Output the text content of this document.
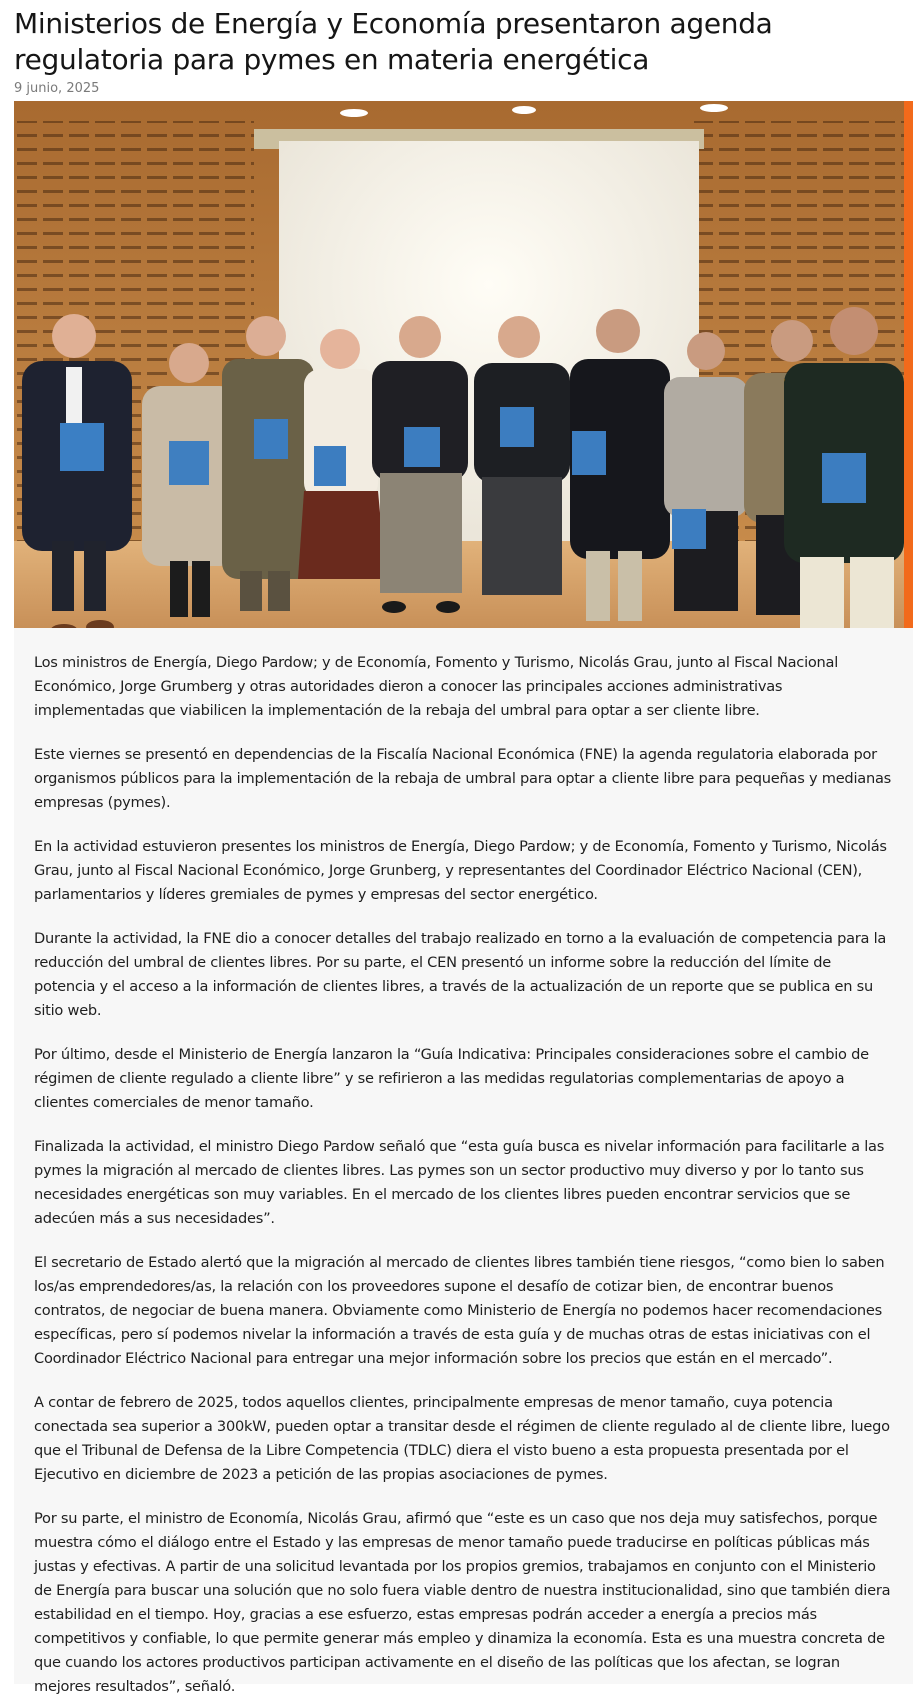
Ministerios de Energía y Economía presentaron agenda regulatoria para pymes en materia energética
9 junio, 2025

Los ministros de Energía, Diego Pardow; y de Economía, Fomento y Turismo, Nicolás Grau, junto al Fiscal Nacional Económico, Jorge Grumberg y otras autoridades dieron a conocer las principales acciones administrativas implementadas que viabilicen la implementación de la rebaja del umbral para optar a ser cliente libre.

Este viernes se presentó en dependencias de la Fiscalía Nacional Económica (FNE) la agenda regulatoria elaborada por organismos públicos para la implementación de la rebaja de umbral para optar a cliente libre para pequeñas y medianas empresas (pymes).

En la actividad estuvieron presentes los ministros de Energía, Diego Pardow; y de Economía, Fomento y Turismo, Nicolás Grau, junto al Fiscal Nacional Económico, Jorge Grunberg, y representantes del Coordinador Eléctrico Nacional (CEN), parlamentarios y líderes gremiales de pymes y empresas del sector energético.

Durante la actividad, la FNE dio a conocer detalles del trabajo realizado en torno a la evaluación de competencia para la reducción del umbral de clientes libres. Por su parte, el CEN presentó un informe sobre la reducción del límite de potencia y el acceso a la información de clientes libres, a través de la actualización de un reporte que se publica en su sitio web.

Por último, desde el Ministerio de Energía lanzaron la “Guía Indicativa: Principales consideraciones sobre el cambio de régimen de cliente regulado a cliente libre” y se refirieron a las medidas regulatorias complementarias de apoyo a clientes comerciales de menor tamaño.

Finalizada la actividad, el ministro Diego Pardow señaló que “esta guía busca es nivelar información para facilitarle a las pymes la migración al mercado de clientes libres. Las pymes son un sector productivo muy diverso y por lo tanto sus necesidades energéticas son muy variables. En el mercado de los clientes libres pueden encontrar servicios que se adecúen más a sus necesidades”.

El secretario de Estado alertó que la migración al mercado de clientes libres también tiene riesgos, “como bien lo saben los/as emprendedores/as, la relación con los proveedores supone el desafío de cotizar bien, de encontrar buenos contratos, de negociar de buena manera. Obviamente como Ministerio de Energía no podemos hacer recomendaciones específicas, pero sí podemos nivelar la información a través de esta guía y de muchas otras de estas iniciativas con el Coordinador Eléctrico Nacional para entregar una mejor información sobre los precios que están en el mercado”.

A contar de febrero de 2025, todos aquellos clientes, principalmente empresas de menor tamaño, cuya potencia conectada sea superior a 300kW, pueden optar a transitar desde el régimen de cliente regulado al de cliente libre, luego que el Tribunal de Defensa de la Libre Competencia (TDLC) diera el visto bueno a esta propuesta presentada por el Ejecutivo en diciembre de 2023 a petición de las propias asociaciones de pymes.

Por su parte, el ministro de Economía, Nicolás Grau, afirmó que “este es un caso que nos deja muy satisfechos, porque muestra cómo el diálogo entre el Estado y las empresas de menor tamaño puede traducirse en políticas públicas más justas y efectivas. A partir de una solicitud levantada por los propios gremios, trabajamos en conjunto con el Ministerio de Energía para buscar una solución que no solo fuera viable dentro de nuestra institucionalidad, sino que también diera estabilidad en el tiempo. Hoy, gracias a ese esfuerzo, estas empresas podrán acceder a energía a precios más competitivos y confiable, lo que permite generar más empleo y dinamiza la economía. Esta es una muestra concreta de que cuando los actores productivos participan activamente en el diseño de las políticas que los afectan, se logran mejores resultados”, señaló.
